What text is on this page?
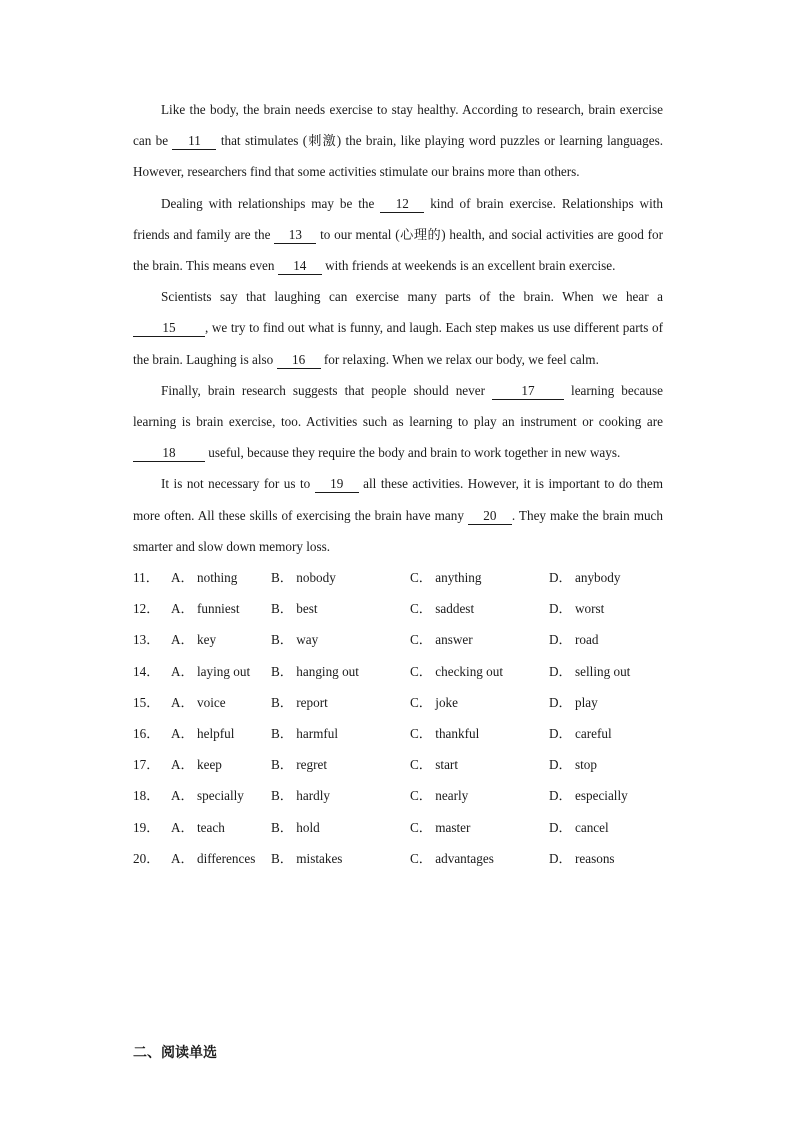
Like the body, the brain needs exercise to stay healthy. According to research, brain exercise can be 11 that stimulates (刺激) the brain, like playing word puzzles or learning languages. However, researchers find that some activities stimulate our brains more than others.

Dealing with relationships may be the 12 kind of brain exercise. Relationships with friends and family are the 13 to our mental (心理的) health, and social activities are good for the brain. This means even 14 with friends at weekends is an excellent brain exercise.

Scientists say that laughing can exercise many parts of the brain. When we hear a 15 , we try to find out what is funny, and laugh. Each step makes us use different parts of the brain. Laughing is also 16 for relaxing. When we relax our body, we feel calm.

Finally, brain research suggests that people should never 17 learning because learning is brain exercise, too. Activities such as learning to play an instrument or cooking are 18 useful, because they require the body and brain to work together in new ways.

It is not necessary for us to 19 all these activities. However, it is important to do them more often. All these skills of exercising the brain have many 20 . They make the brain much smarter and slow down memory loss.

11． A． nothing	B． nobody	C． anything	D． anybody
12． A． funniest	B． best	C． saddest	D． worst
13． A． key	B． way	C． answer	D． road
14． A． laying out	B． hanging out	C． checking out	D． selling out
15． A． voice	B． report	C． joke	D． play
16． A． helpful	B． harmful	C． thankful	D． careful
17． A． keep	B． regret	C． start	D． stop
18． A． specially	B． hardly	C． nearly	D． especially
19． A． teach	B． hold	C． master	D． cancel
20． A． differences	B． mistakes	C． advantages	D． reasons
二、阅读单选
